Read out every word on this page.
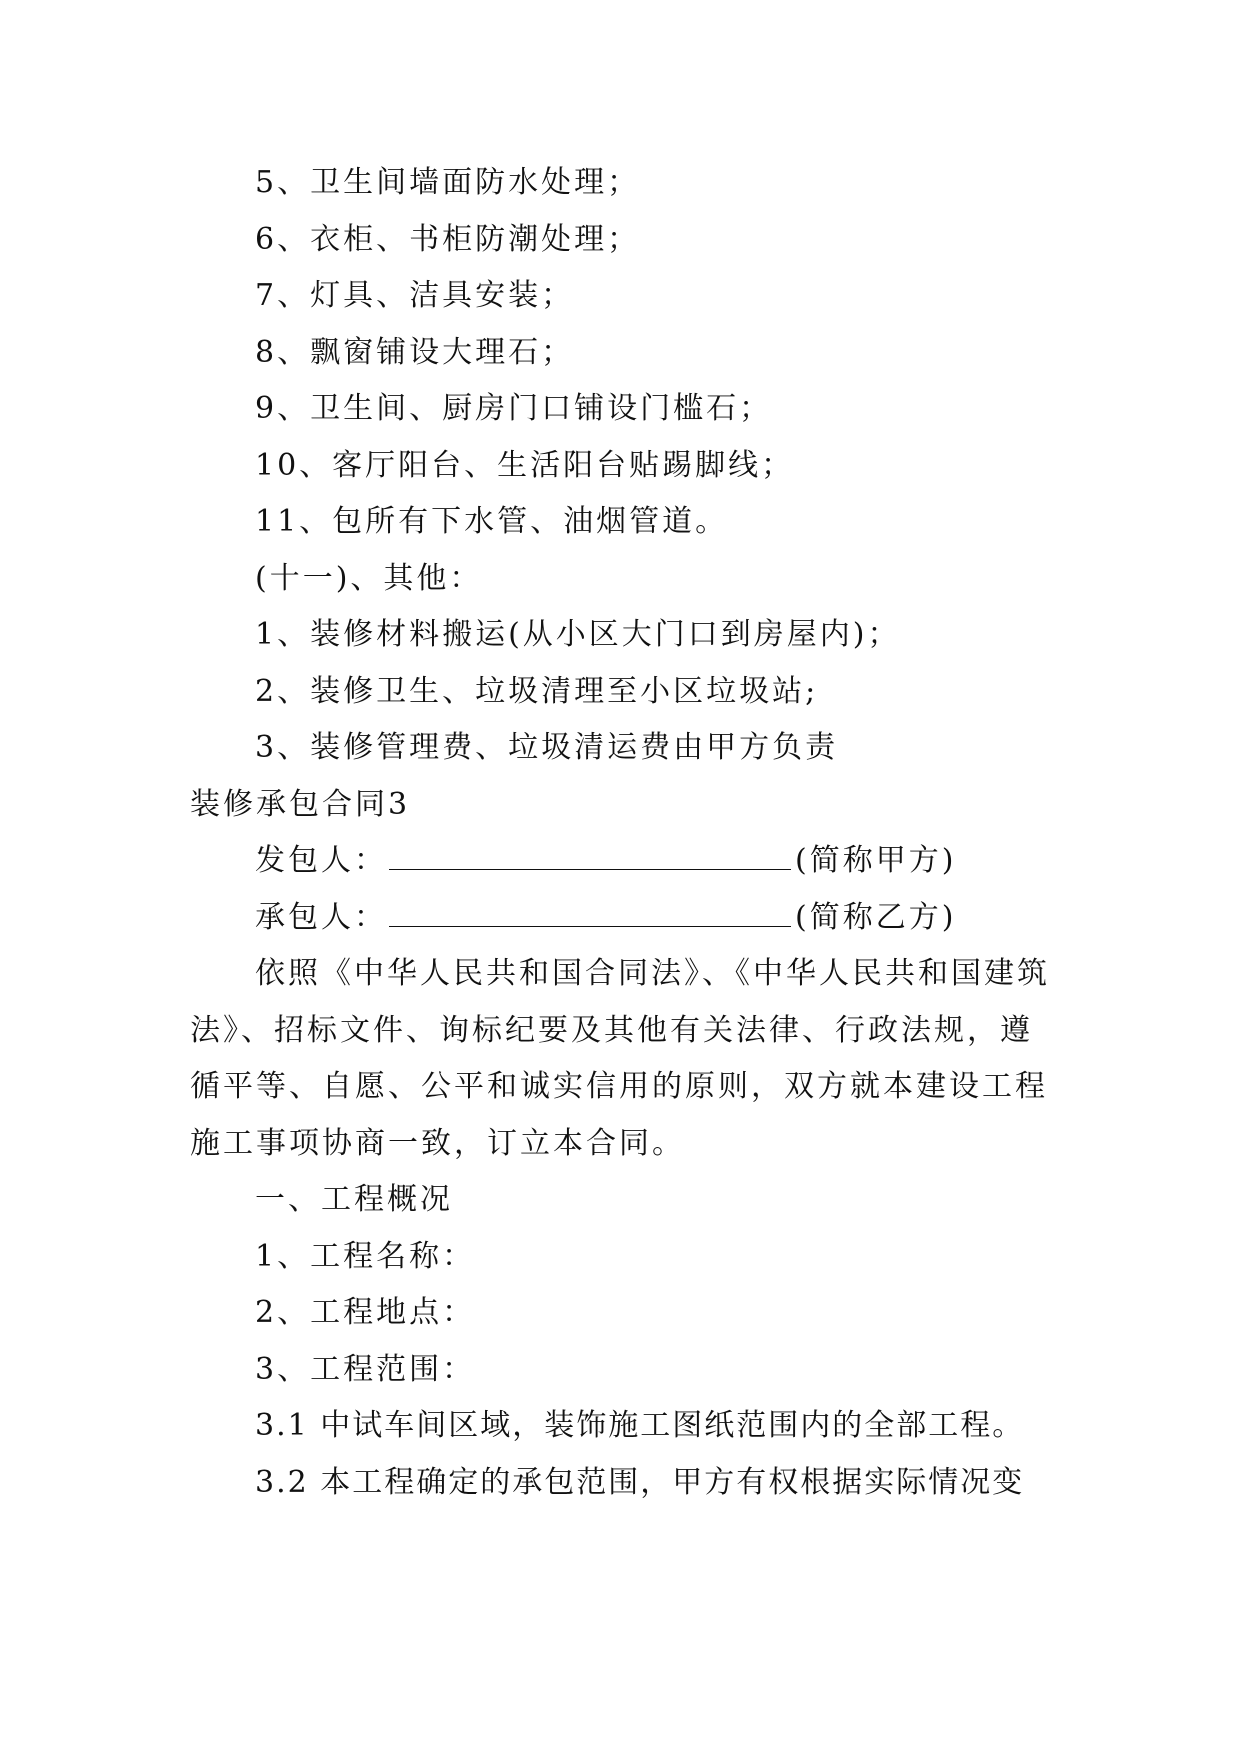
5、卫生间墙面防水处理；
6、衣柜、书柜防潮处理；
7、灯具、洁具安装；
8、飘窗铺设大理石；
9、卫生间、厨房门口铺设门槛石；
10、客厅阳台、生活阳台贴踢脚线；
11、包所有下水管、油烟管道。
(十一)、其他：
1、装修材料搬运(从小区大门口到房屋内)；
2、装修卫生、垃圾清理至小区垃圾站;
3、装修管理费、垃圾清运费由甲方负责
装修承包合同3
发包人：	(简称甲方)
承包人：	(简称乙方)
依照《中华人民共和国合同法》、《中华人民共和国建筑
法》、招标文件、询标纪要及其他有关法律、行政法规，遵
循平等、自愿、公平和诚实信用的原则，双方就本建设工程
施工事项协商一致，订立本合同。
一、工程概况
1、工程名称：
2、工程地点：
3、工程范围：
3.1 中试车间区域，装饰施工图纸范围内的全部工程。
3.2 本工程确定的承包范围，甲方有权根据实际情况变
